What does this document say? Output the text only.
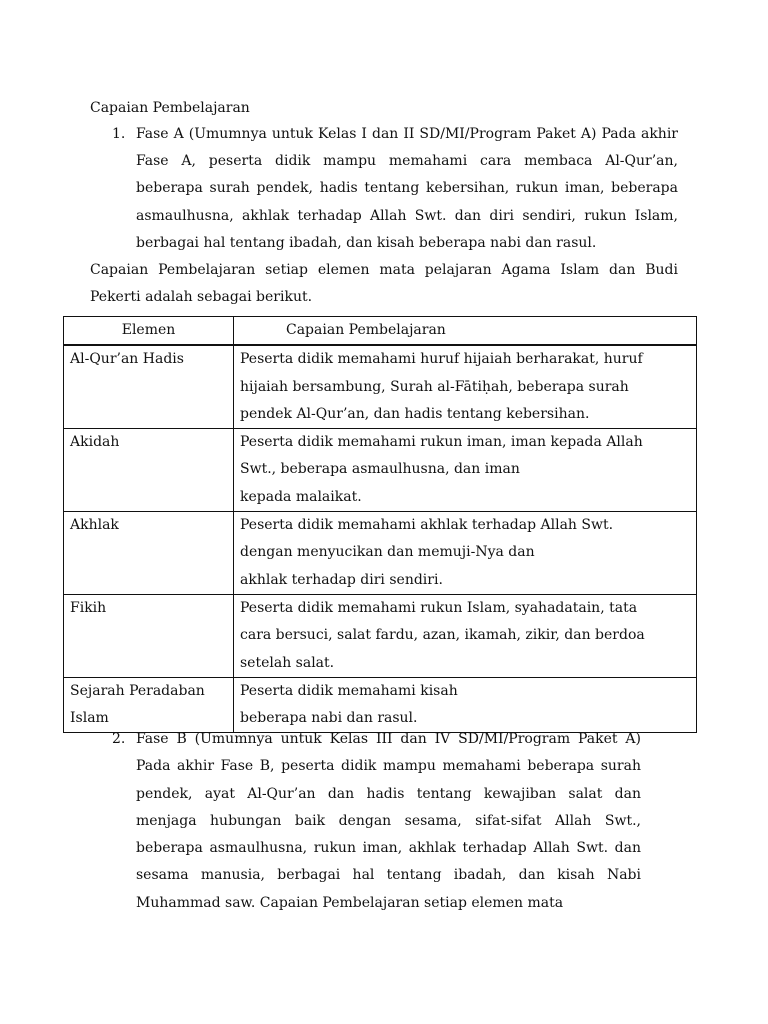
Capaian Pembelajaran
1. Fase A (Umumnya untuk Kelas I dan II SD/MI/Program Paket A) Pada akhir Fase A, peserta didik mampu memahami cara membaca Al-Qur’an, beberapa surah pendek, hadis tentang kebersihan, rukun iman, beberapa asmaulhusna, akhlak terhadap Allah Swt. dan diri sendiri, rukun Islam, berbagai hal tentang ibadah, dan kisah beberapa nabi dan rasul.

Capaian Pembelajaran setiap elemen mata pelajaran Agama Islam dan Budi Pekerti adalah sebagai berikut.

Elemen	Capaian Pembelajaran
Al-Qur’an Hadis	Peserta didik memahami huruf hijaiah berharakat, huruf
hijaiah bersambung, Surah al-Fātiḥah, beberapa surah
pendek Al-Qur’an, dan hadis tentang kebersihan.

Akidah	Peserta didik memahami rukun iman, iman kepada Allah
Swt., beberapa asmaulhusna, dan iman
kepada malaikat.

Akhlak	Peserta didik memahami akhlak terhadap Allah Swt.
dengan menyucikan dan memuji-Nya dan
akhlak terhadap diri sendiri.

Fikih	Peserta didik memahami rukun Islam, syahadatain, tata
cara bersuci, salat fardu, azan, ikamah, zikir, dan berdoa
setelah salat.

Sejarah Peradaban Islam	Peserta didik memahami kisah
beberapa nabi dan rasul.
2. Fase B (Umumnya untuk Kelas III dan IV SD/MI/Program Paket A) Pada akhir Fase B, peserta didik mampu memahami beberapa surah pendek, ayat Al-Qur’an dan hadis tentang kewajiban salat dan menjaga hubungan baik dengan sesama, sifat-sifat Allah Swt., beberapa asmaulhusna, rukun iman, akhlak terhadap Allah Swt. dan sesama manusia, berbagai hal tentang ibadah, dan kisah Nabi Muhammad saw. Capaian Pembelajaran setiap elemen mata
